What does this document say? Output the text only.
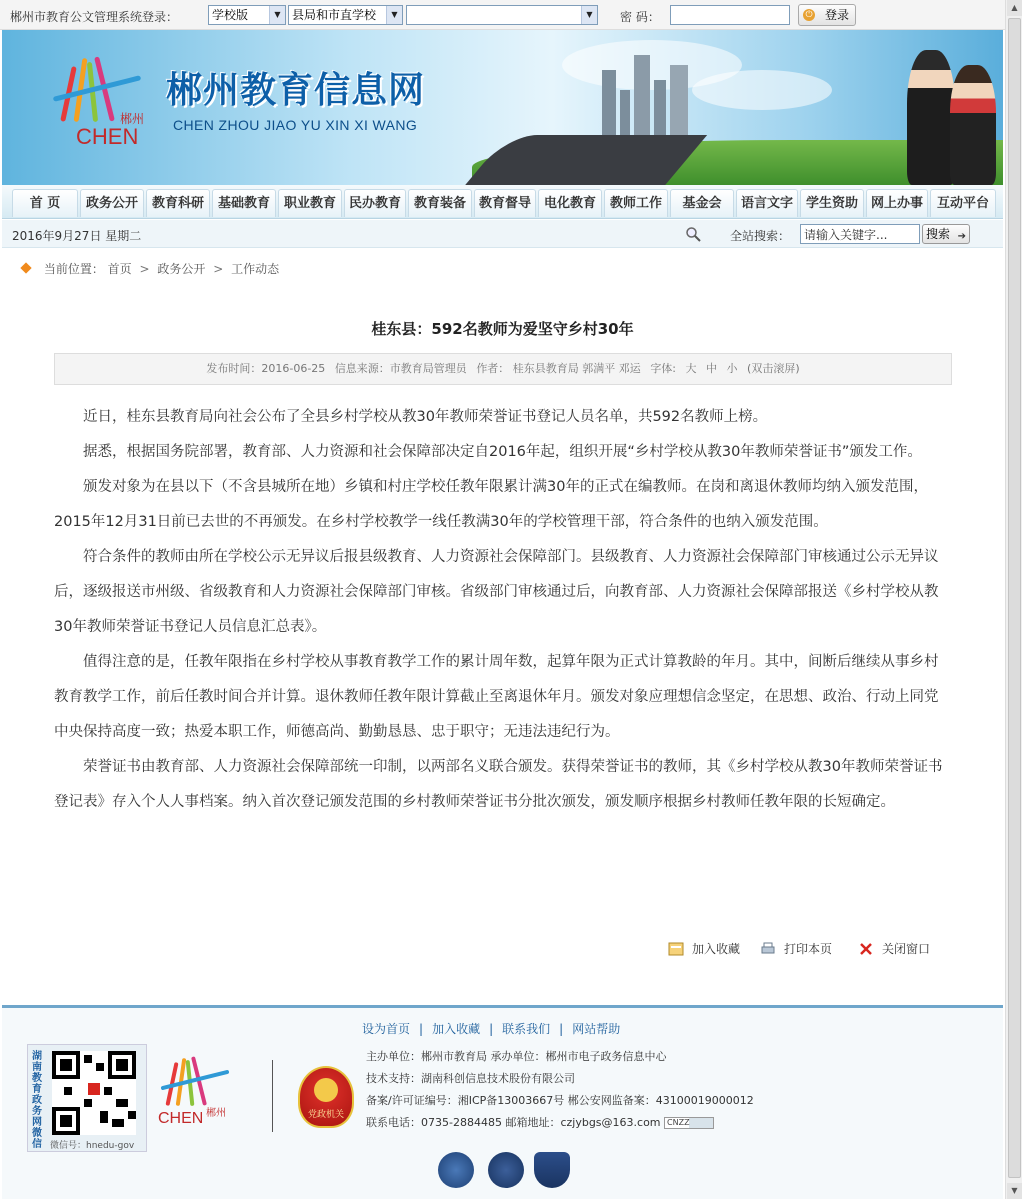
郴州市教育公文管理系统登录：	学校版	▼ 县局和市直学校	▼	▼	密 码：	⏻ 登录
CHEN
郴州
郴州教育信息网
CHEN ZHOU JIAO YU XIN XI WANG
首 页	政务公开	教育科研	基础教育	职业教育 民办教育 教育装备 教育督导 电化教育	教师工作	基金会	语言文字 学生资助 网上办事	互动平台
2016年9月27日 星期二	全站搜索：
请输入关键字...	搜索 ➔
当前位置： 首页 > 政务公开 > 工作动态
桂东县：592名教师为爱坚守乡村30年
发布时间：2016-06-25 信息来源：市教育局管理员 作者： 桂东县教育局 郭满平 邓运 字体: 大 中 小 (双击滚屏)

近日，桂东县教育局向社会公布了全县乡村学校从教30年教师荣誉证书登记人员名单，共592名教师上榜。

据悉，根据国务院部署，教育部、人力资源和社会保障部决定自2016年起，组织开展“乡村学校从教30年教师荣誉证书”颁发工作。

颁发对象为在县以下（不含县城所在地）乡镇和村庄学校任教年限累计满30年的正式在编教师。在岗和离退休教师均纳入颁发范围，2015年12月31日前已去世的不再颁发。在乡村学校教学一线任教满30年的学校管理干部，符合条件的也纳入颁发范围。

符合条件的教师由所在学校公示无异议后报县级教育、人力资源社会保障部门。县级教育、人力资源社会保障部门审核通过公示无异议后，逐级报送市州级、省级教育和人力资源社会保障部门审核。省级部门审核通过后，向教育部、人力资源社会保障部报送《乡村学校从教30年教师荣誉证书登记人员信息汇总表》。

值得注意的是，任教年限指在乡村学校从事教育教学工作的累计周年数，起算年限为正式计算教龄的年月。其中，间断后继续从事乡村教育教学工作，前后任教时间合并计算。退休教师任教年限计算截止至离退休年月。颁发对象应理想信念坚定，在思想、政治、行动上同党中央保持高度一致；热爱本职工作，师德高尚、勤勤恳恳、忠于职守；无违法违纪行为。

荣誉证书由教育部、人力资源社会保障部统一印制，以两部名义联合颁发。获得荣誉证书的教师，其《乡村学校从教30年教师荣誉证书登记表》存入个人人事档案。纳入首次登记颁发范围的乡村教师荣誉证书分批次颁发，颁发顺序根据乡村教师任教年限的长短确定。

加入收藏	打印本页	关闭窗口
设为首页 | 加入收藏 | 联系我们 | 网站帮助
湖南教育政务网微信 微信号：hnedu-gov
CHEN 郴州	党政机关
主办单位：郴州市教育局 承办单位：郴州市电子政务信息中心
技术支持：湖南科创信息技术股份有限公司
备案/许可证编号：湘ICP备13003667号 郴公安网监备案：43100019000012
联系电话：0735-2884485 邮箱地址：czjybgs@163.com CNZZ
▲
▼
